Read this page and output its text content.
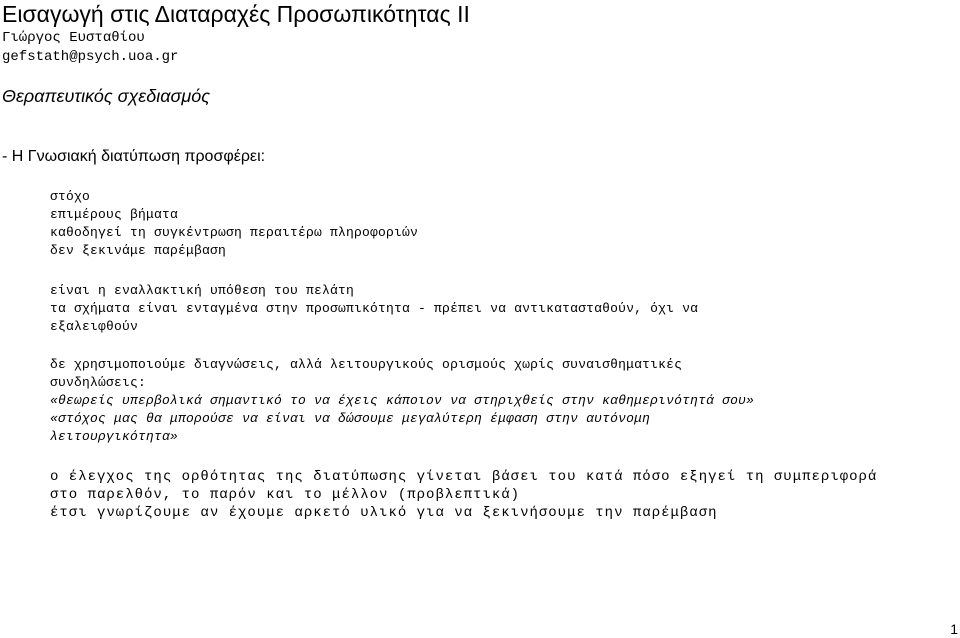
Εισαγωγή στις Διαταραχές Προσωπικότητας ΙΙ
Γιώργος Ευσταθίου
gefstath@psych.uoa.gr
Θεραπευτικός σχεδιασμός
- Η Γνωσιακή διατύπωση προσφέρει:
στόχο
επιμέρους βήματα
καθοδηγεί τη συγκέντρωση περαιτέρω πληροφοριών
δεν ξεκινάμε παρέμβαση
είναι η εναλλακτική υπόθεση του πελάτη
τα σχήματα είναι ενταγμένα στην προσωπικότητα - πρέπει να αντικατασταθούν, όχι να
εξαλειφθούν
δε χρησιμοποιούμε διαγνώσεις, αλλά λειτουργικούς ορισμούς χωρίς συναισθηματικές
συνδηλώσεις:
«θεωρείς υπερβολικά σημαντικό το να έχεις κάποιον να στηριχθείς στην καθημερινότητά σου»
«στόχος μας θα μπορούσε να είναι να δώσουμε μεγαλύτερη έμφαση στην αυτόνομη
λειτουργικότητα»
ο έλεγχος της ορθότητας της διατύπωσης γίνεται βάσει του κατά πόσο εξηγεί τη συμπεριφορά
στο παρελθόν, το παρόν και το μέλλον (προβλεπτικά)
έτσι γνωρίζουμε αν έχουμε αρκετό υλικό για να ξεκινήσουμε την παρέμβαση
1
